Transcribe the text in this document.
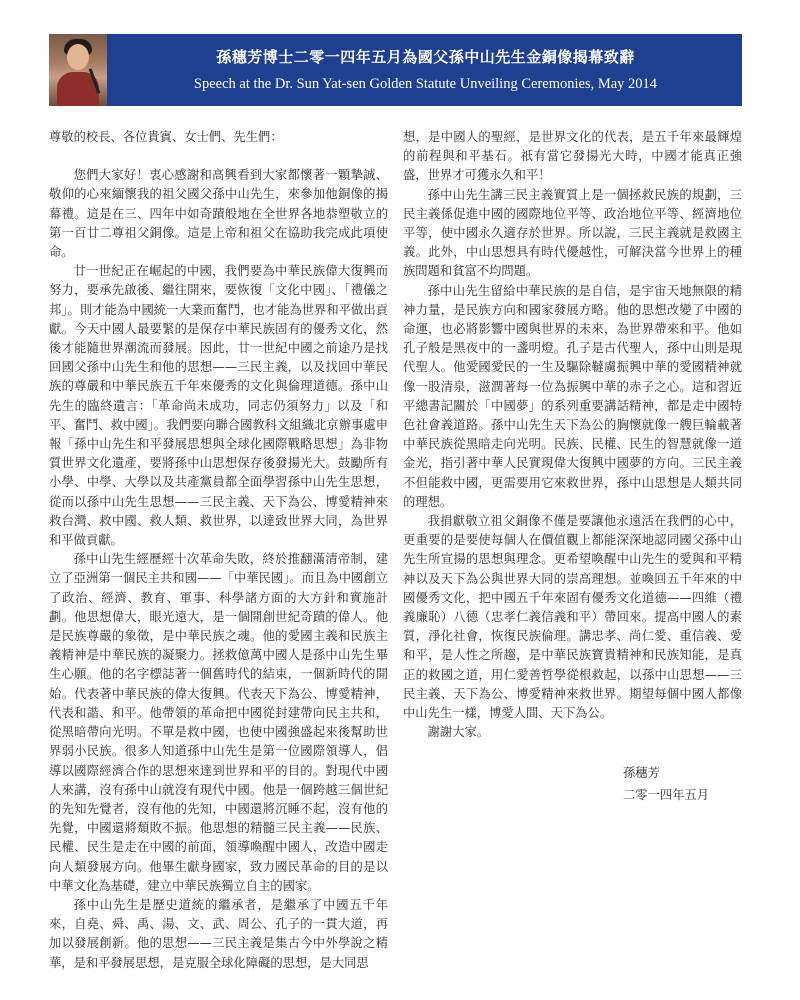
孫穗芳博士二零一四年五月為國父孫中山先生金銅像揭幕致辭
Speech at the Dr. Sun Yat-sen Golden Statute Unveiling Ceremonies, May 2014

尊敬的校長、各位貴賓、女士們、先生們：

您們大家好！衷心感謝和高興看到大家都懷著一顆摯誠、敬仰的心來緬懷我的祖父國父孫中山先生，來參加他銅像的揭幕禮。這是在三、四年中如奇蹟般地在全世界各地恭塑敬立的第一百廿二尊祖父銅像。這是上帝和祖父在協助我完成此項使命。

廿一世紀正在崛起的中國，我們要為中華民族偉大復興而努力，要承先啟後、繼往開來，要恢復「文化中國」、「禮儀之邦」。則才能為中國統一大業而奮鬥，也才能為世界和平做出貢獻。今天中國人最要緊的是保存中華民族固有的優秀文化，然後才能隨世界潮流而發展。因此，廿一世紀中國之前途乃是找回國父孫中山先生和他的思想——三民主義，以及找回中華民族的尊嚴和中華民族五千年來優秀的文化與倫理道德。孫中山先生的臨終遺言：「革命尚未成功，同志仍須努力」以及「和平、奮鬥、救中國」。我們要向聯合國教科文組織北京辦事處申報「孫中山先生和平發展思想與全球化國際戰略思想」為非物質世界文化遺產，要將孫中山思想保存後發揚光大。鼓勵所有小學、中學、大學以及共產黨員都全面學習孫中山先生思想，從而以孫中山先生思想——三民主義、天下為公、博愛精神來救台灣、救中國、救人類、救世界，以達致世界大同，為世界和平做貢獻。

孫中山先生經歷經十次革命失敗，終於推翻滿清帝制，建立了亞洲第一個民主共和國——「中華民國」。而且為中國創立了政治、經濟、教育、軍事、科學諸方面的大方針和實施計劃。他思想偉大，眼光遠大，是一個開創世紀奇蹟的偉人。他是民族尊嚴的象徵，是中華民族之魂。他的愛國主義和民族主義精神是中華民族的凝聚力。拯救億萬中國人是孫中山先生畢生心願。他的名字標誌著一個舊時代的結束，一個新時代的開始。代表著中華民族的偉大復興。代表天下為公、博愛精神，代表和諧、和平。他帶領的革命把中國從封建帶向民主共和，從黑暗帶向光明。不單是救中國，也使中國強盛起來後幫助世界弱小民族。很多人知道孫中山先生是第一位國際領導人，倡導以國際經濟合作的思想來達到世界和平的目的。對現代中國人來講，沒有孫中山就沒有現代中國。他是一個跨越三個世紀的先知先覺者，沒有他的先知，中國還將沉睡不起，沒有他的先覺，中國還將頹敗不振。他思想的精髓三民主義——民族、民權、民生是走在中國的前面，領導喚醒中國人，改造中國走向人類發展方向。他畢生獻身國家，致力國民革命的目的是以中華文化為基礎，建立中華民族獨立自主的國家。

孫中山先生是歷史道統的繼承者，是繼承了中國五千年來，自堯、舜、禹、湯、文、武、周公、孔子的一貫大道，再加以發展創新。他的思想——三民主義是集古今中外學說之精華，是和平發展思想，是克服全球化障礙的思想，是大同思

想，是中國人的聖經，是世界文化的代表，是五千年來最輝煌的前程與和平基石。祇有當它發揚光大時，中國才能真正強盛，世界才可獲永久和平！

孫中山先生講三民主義實質上是一個拯救民族的規劃，三民主義係促進中國的國際地位平等、政治地位平等、經濟地位平等，使中國永久適存於世界。所以說，三民主義就是救國主義。此外，中山思想具有時代優越性，可解決當今世界上的種族問題和貧富不均問題。

孫中山先生留給中華民族的是自信，是宇宙天地無限的精神力量，是民族方向和國家發展方略。他的思想改變了中國的命運，也必將影響中國與世界的未來，為世界帶來和平。他如孔子般是黑夜中的一盞明燈。孔子是古代聖人，孫中山則是現代聖人。他愛國愛民的一生及驅除韃虜振興中華的愛國精神就像一股清泉，滋潤著每一位為振興中華的赤子之心。這和習近平總書記關於「中國夢」的系列重要講話精神，都是走中國特色社會義道路。孫中山先生天下為公的胸懷就像一艘巨輪載著中華民族從黑暗走向光明。民族、民權、民生的智慧就像一道金光，指引著中華人民實現偉大復興中國夢的方向。三民主義不但能救中國，更需要用它來救世界，孫中山思想是人類共同的理想。

我捐獻敬立祖父銅像不僅是要讓他永遠活在我們的心中，更重要的是要使每個人在價值觀上都能深深地認同國父孫中山先生所宣揚的思想與理念。更希望喚醒中山先生的愛與和平精神以及天下為公與世界大同的崇高理想。並喚回五千年來的中國優秀文化，把中國五千年來固有優秀文化道德——四維（禮義廉恥）八德（忠孝仁義信義和平）帶回來。提高中國人的素質，淨化社會，恢復民族倫理。講忠孝、尚仁愛、重信義、愛和平，是人性之所趨，是中華民族寶貴精神和民族知能，是真正的救國之道，用仁愛善哲學從根救起，以孫中山思想——三民主義、天下為公、博愛精神來救世界。期望每個中國人都像中山先生一樣，博愛人間、天下為公。

謝謝大家。

孫穗芳
二零一四年五月
